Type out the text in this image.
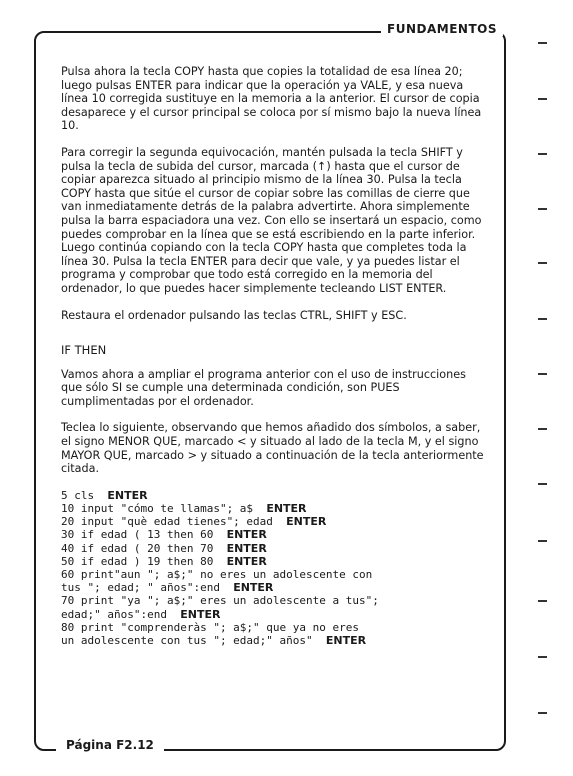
FUNDAMENTOS
Página F2.12

Pulsa ahora la tecla COPY hasta que copies la totalidad de esa línea 20; luego pulsas ENTER para indicar que la operación ya VALE, y esa nueva línea 10 corregida sustituye en la memoria a la anterior. El cursor de copia desaparece y el cursor principal se coloca por sí mismo bajo la nueva línea 10.

Para corregir la segunda equivocación, mantén pulsada la tecla SHIFT y pulsa la tecla de subida del cursor, marcada (↑) hasta que el cursor de copiar aparezca situado al principio mismo de la línea 30. Pulsa la tecla COPY hasta que sitúe el cursor de copiar sobre las comillas de cierre que van inmediatamente detrás de la palabra advertirte. Ahora simplemente pulsa la barra espaciadora una vez. Con ello se insertará un espacio, como puedes comprobar en la línea que se está escribiendo en la parte inferior. Luego continúa copiando con la tecla COPY hasta que completes toda la línea 30. Pulsa la tecla ENTER para decir que vale, y ya puedes listar el programa y comprobar que todo está corregido en la memoria del ordenador, lo que puedes hacer simplemente tecleando LIST ENTER.

Restaura el ordenador pulsando las teclas CTRL, SHIFT y ESC.

IF THEN

Vamos ahora a ampliar el programa anterior con el uso de instrucciones que sólo SI se cumple una determinada condición, son PUES cumplimentadas por el ordenador.

Teclea lo siguiente, observando que hemos añadido dos símbolos, a saber, el signo MENOR QUE, marcado < y situado al lado de la tecla M, y el signo MAYOR QUE, marcado > y situado a continuación de la tecla anteriormente citada.

5 cls  ENTER
10 input "cómo te llamas"; a$  ENTER
20 input "què edad tienes"; edad  ENTER
30 if edad ( 13 then 60  ENTER
40 if edad ( 20 then 70  ENTER
50 if edad ) 19 then 80  ENTER
60 print"aun "; a$;" no eres un adolescente con
tus "; edad; " años":end  ENTER
70 print "ya "; a$;" eres un adolescente a tus";
edad;" años":end  ENTER
80 print "comprenderàs "; a$;" que ya no eres
un adolescente con tus "; edad;" años"  ENTER
